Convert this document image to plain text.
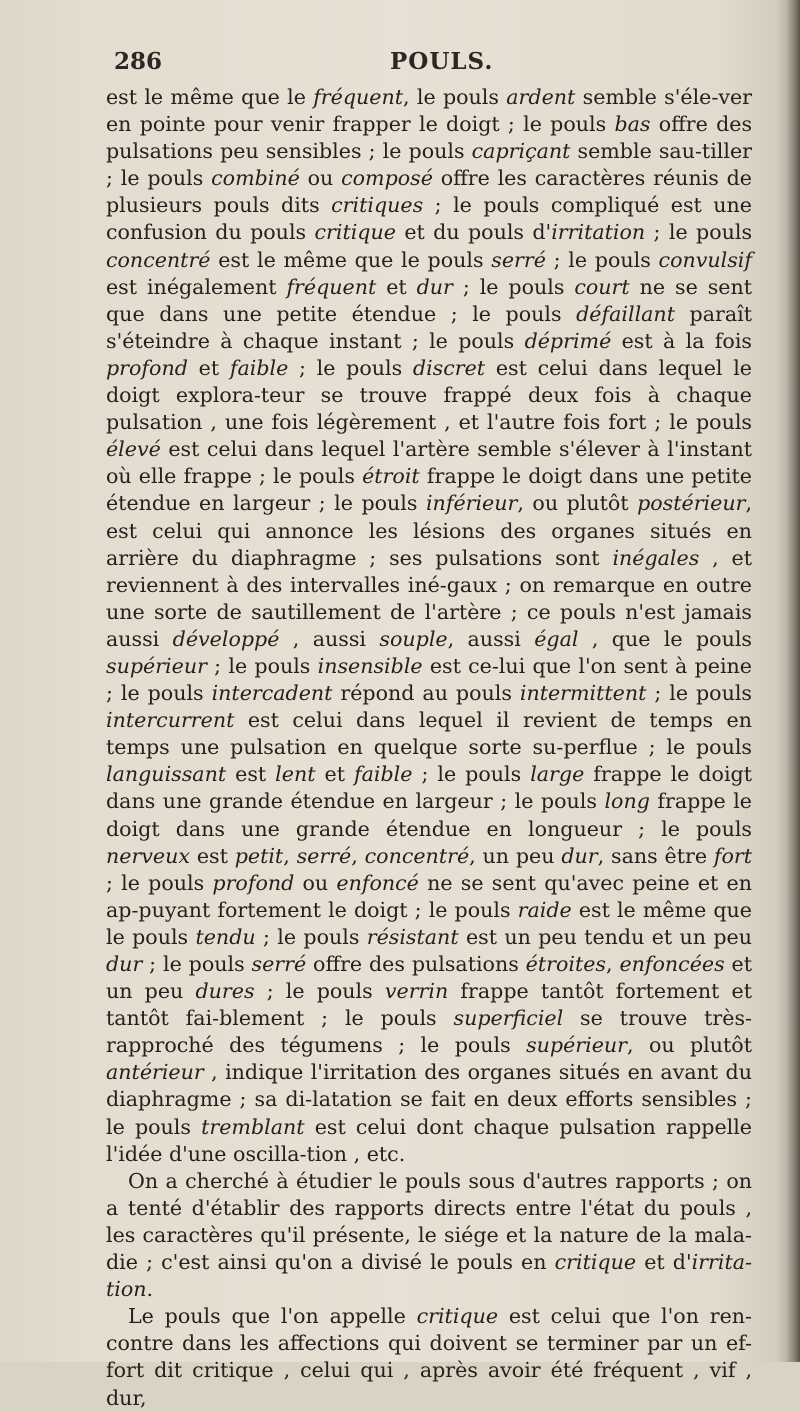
286	POULS.

est le même que le fréquent, le pouls ardent semble s'éle-ver en pointe pour venir frapper le doigt ; le pouls bas offre des pulsations peu sensibles ; le pouls capriçant semble sau-tiller ; le pouls combiné ou composé offre les caractères réunis de plusieurs pouls dits critiques ; le pouls compliqué est une confusion du pouls critique et du pouls d'irritation ; le pouls concentré est le même que le pouls serré ; le pouls convulsif est inégalement fréquent et dur ; le pouls court ne se sent que dans une petite étendue ; le pouls défaillant paraît s'éteindre à chaque instant ; le pouls déprimé est à la fois profond et faible ; le pouls discret est celui dans lequel le doigt explora-teur se trouve frappé deux fois à chaque pulsation , une fois légèrement , et l'autre fois fort ; le pouls élevé est celui dans lequel l'artère semble s'élever à l'instant où elle frappe ; le pouls étroit frappe le doigt dans une petite étendue en largeur ; le pouls inférieur, ou plutôt postérieur, est celui qui annonce les lésions des organes situés en arrière du diaphragme ; ses pulsations sont inégales , et reviennent à des intervalles iné-gaux ; on remarque en outre une sorte de sautillement de l'artère ; ce pouls n'est jamais aussi développé , aussi souple, aussi égal , que le pouls supérieur ; le pouls insensible est ce-lui que l'on sent à peine ; le pouls intercadent répond au pouls intermittent ; le pouls intercurrent est celui dans lequel il revient de temps en temps une pulsation en quelque sorte su-perflue ; le pouls languissant est lent et faible ; le pouls large frappe le doigt dans une grande étendue en largeur ; le pouls long frappe le doigt dans une grande étendue en longueur ; le pouls nerveux est petit, serré, concentré, un peu dur, sans être fort ; le pouls profond ou enfoncé ne se sent qu'avec peine et en ap-puyant fortement le doigt ; le pouls raide est le même que le pouls tendu ; le pouls résistant est un peu tendu et un peu dur ; le pouls serré offre des pulsations étroites, enfoncées et un peu dures ; le pouls verrin frappe tantôt fortement et tantôt fai-blement ; le pouls superficiel se trouve très-rapproché des tégumens ; le pouls supérieur, ou plutôt antérieur , indique l'irritation des organes situés en avant du diaphragme ; sa di-latation se fait en deux efforts sensibles ; le pouls tremblant est celui dont chaque pulsation rappelle l'idée d'une oscilla-tion , etc.

On a cherché à étudier le pouls sous d'autres rapports ; on a tenté d'établir des rapports directs entre l'état du pouls , les caractères qu'il présente, le siége et la nature de la mala-die ; c'est ainsi qu'on a divisé le pouls en critique et d'irrita-tion.

Le pouls que l'on appelle critique est celui que l'on ren-contre dans les affections qui doivent se terminer par un ef-fort dit critique , celui qui , après avoir été fréquent , vif , dur,
